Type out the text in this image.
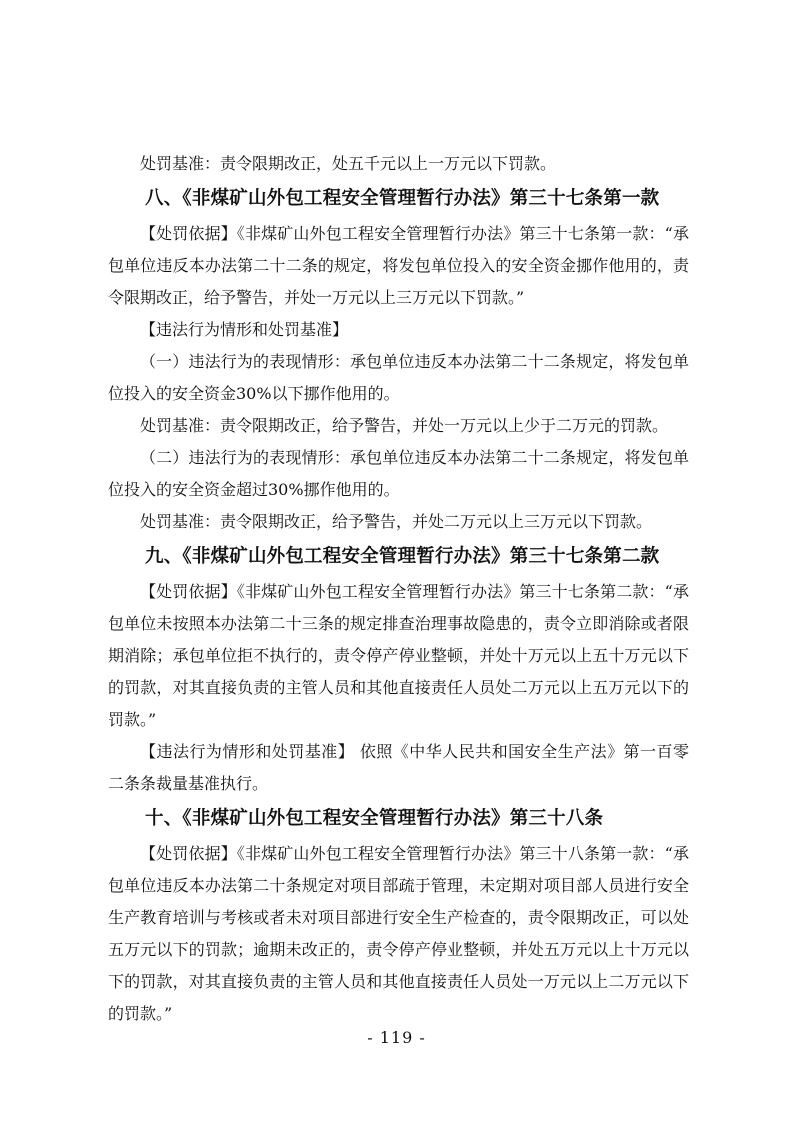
处罚基准：责令限期改正，处五千元以上一万元以下罚款。

八、《非煤矿山外包工程安全管理暂行办法》第三十七条第一款

【处罚依据】《非煤矿山外包工程安全管理暂行办法》第三十七条第一款：“承包单位违反本办法第二十二条的规定，将发包单位投入的安全资金挪作他用的，责令限期改正，给予警告，并处一万元以上三万元以下罚款。”

【违法行为情形和处罚基准】

（一）违法行为的表现情形：承包单位违反本办法第二十二条规定，将发包单位投入的安全资金30%以下挪作他用的。

处罚基准：责令限期改正，给予警告，并处一万元以上少于二万元的罚款。

（二）违法行为的表现情形：承包单位违反本办法第二十二条规定，将发包单位投入的安全资金超过30%挪作他用的。

处罚基准：责令限期改正，给予警告，并处二万元以上三万元以下罚款。

九、《非煤矿山外包工程安全管理暂行办法》第三十七条第二款

【处罚依据】《非煤矿山外包工程安全管理暂行办法》第三十七条第二款：“承包单位未按照本办法第二十三条的规定排查治理事故隐患的，责令立即消除或者限期消除；承包单位拒不执行的，责令停产停业整顿，并处十万元以上五十万元以下的罚款，对其直接负责的主管人员和其他直接责任人员处二万元以上五万元以下的罚款。”

【违法行为情形和处罚基准】 依照《中华人民共和国安全生产法》第一百零二条条裁量基准执行。

十、《非煤矿山外包工程安全管理暂行办法》第三十八条

【处罚依据】《非煤矿山外包工程安全管理暂行办法》第三十八条第一款：“承包单位违反本办法第二十条规定对项目部疏于管理，未定期对项目部人员进行安全生产教育培训与考核或者未对项目部进行安全生产检查的，责令限期改正，可以处五万元以下的罚款；逾期未改正的，责令停产停业整顿，并处五万元以上十万元以下的罚款，对其直接负责的主管人员和其他直接责任人员处一万元以上二万元以下的罚款。”

- 119 -
